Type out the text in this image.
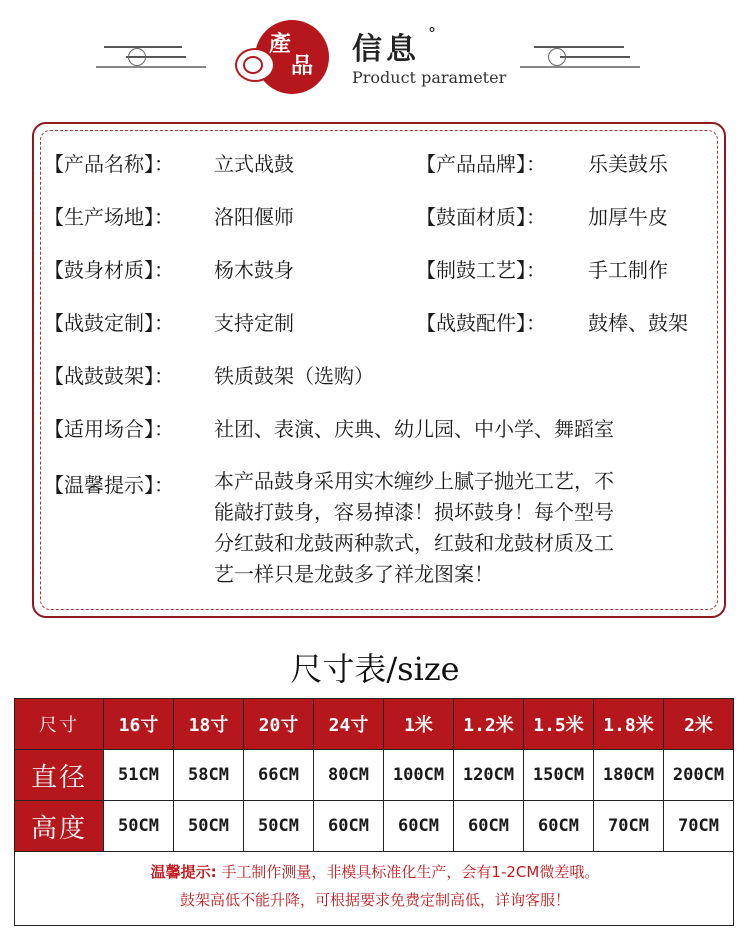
產
品 信息 °
Product parameter
【产品名称】： 立式战鼓	【产品品牌】： 乐美鼓乐
【生产场地】： 洛阳偃师	【鼓面材质】： 加厚牛皮
【鼓身材质】： 杨木鼓身	【制鼓工艺】： 手工制作
【战鼓定制】： 支持定制	【战鼓配件】： 鼓棒、鼓架
【战鼓鼓架】： 铁质鼓架（选购）
【适用场合】： 社团、表演、庆典、幼儿园、中小学、舞蹈室
【温馨提示】： 本产品鼓身采用实木缠纱上腻子抛光工艺，不
能敲打鼓身，容易掉漆！损坏鼓身！每个型号
分红鼓和龙鼓两种款式，红鼓和龙鼓材质及工
艺一样只是龙鼓多了祥龙图案！
尺寸表/size
尺寸	16寸	18寸	20寸	24寸	1米	1.2米	1.5米	1.8米	2米
直径	51CM	58CM	66CM	80CM	100CM	120CM	150CM	180CM	200CM
高度	50CM	50CM	50CM	60CM	60CM	60CM	60CM	70CM	70CM
温馨提示: 手工制作测量，非模具标准化生产，会有1-2CM微差哦。
鼓架高低不能升降，可根据要求免费定制高低，详询客服！
